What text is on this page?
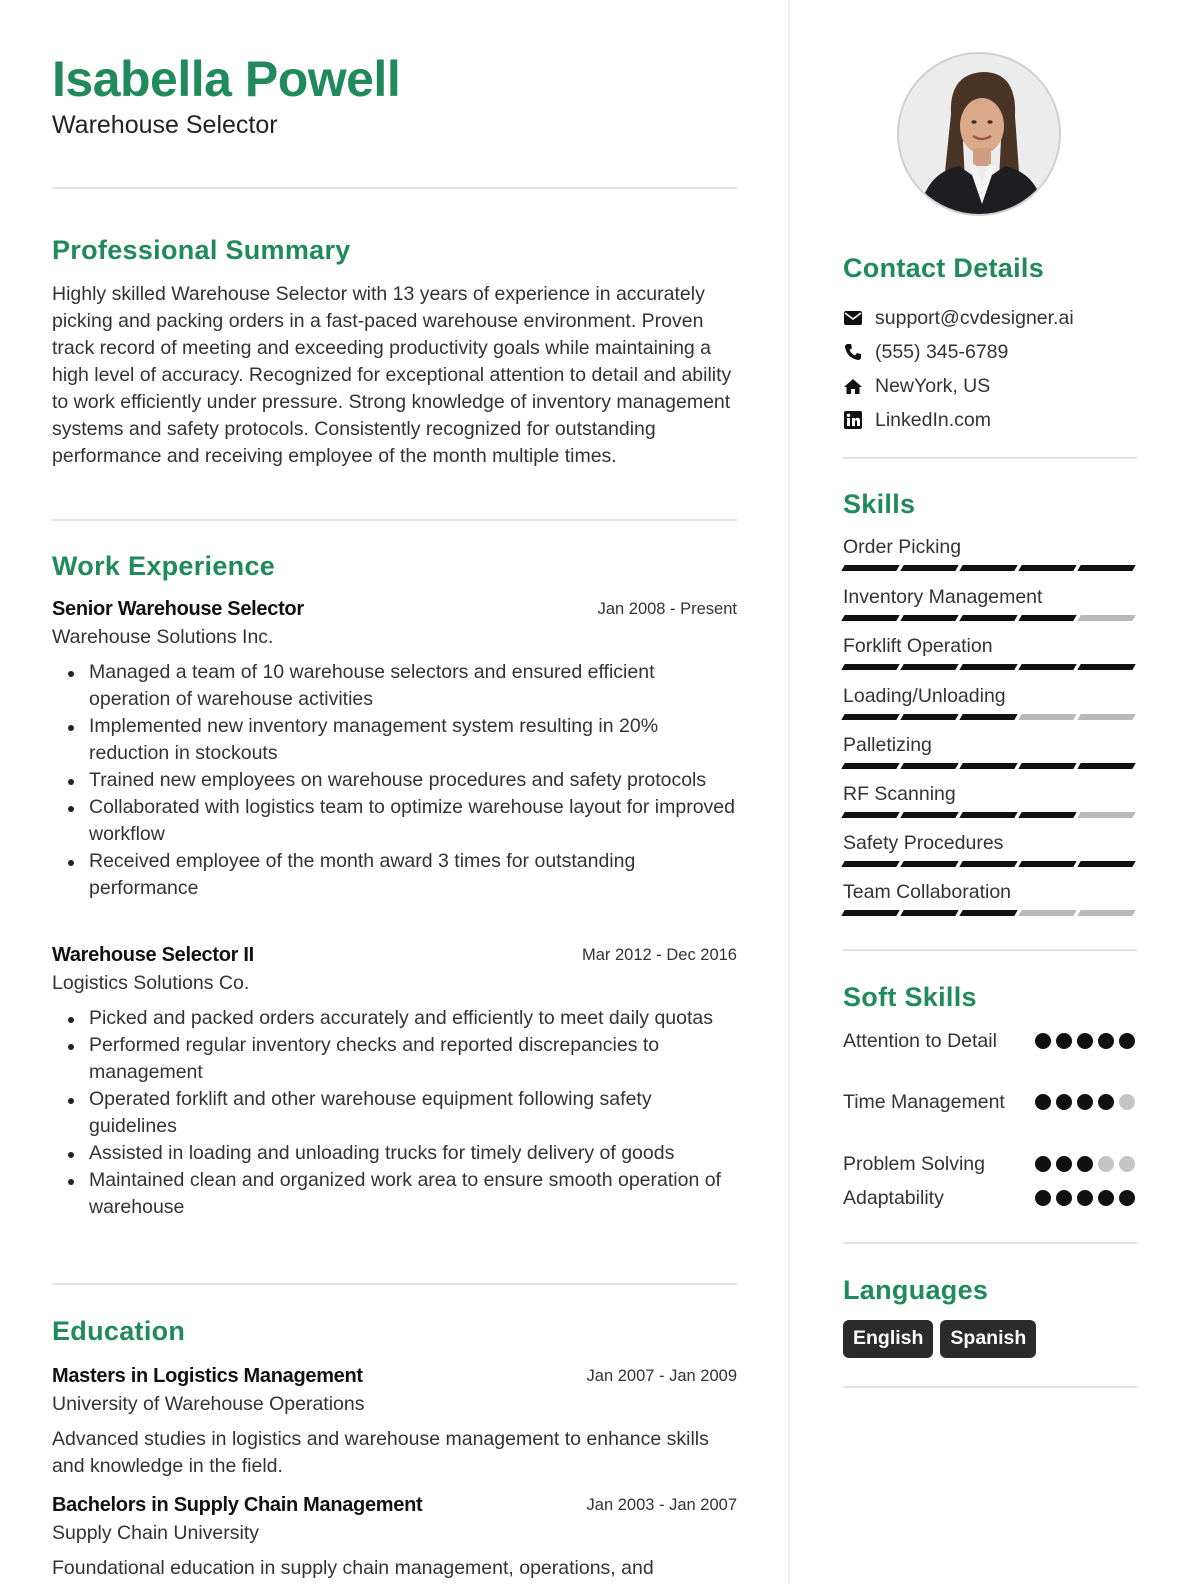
Isabella Powell
Warehouse Selector
Professional Summary
Highly skilled Warehouse Selector with 13 years of experience in accurately picking and packing orders in a fast-paced warehouse environment. Proven track record of meeting and exceeding productivity goals while maintaining a high level of accuracy. Recognized for exceptional attention to detail and ability to work efficiently under pressure. Strong knowledge of inventory management systems and safety protocols. Consistently recognized for outstanding performance and receiving employee of the month multiple times.
Work Experience
Senior Warehouse Selector	Jan 2008 - Present
Warehouse Solutions Inc.
Managed a team of 10 warehouse selectors and ensured efficient operation of warehouse activities
Implemented new inventory management system resulting in 20% reduction in stockouts
Trained new employees on warehouse procedures and safety protocols
Collaborated with logistics team to optimize warehouse layout for improved workflow
Received employee of the month award 3 times for outstanding performance
Warehouse Selector II	Mar 2012 - Dec 2016
Logistics Solutions Co.
Picked and packed orders accurately and efficiently to meet daily quotas
Performed regular inventory checks and reported discrepancies to management
Operated forklift and other warehouse equipment following safety guidelines
Assisted in loading and unloading trucks for timely delivery of goods
Maintained clean and organized work area to ensure smooth operation of warehouse
Education
Masters in Logistics Management	Jan 2007 - Jan 2009
University of Warehouse Operations
Advanced studies in logistics and warehouse management to enhance skills and knowledge in the field.
Bachelors in Supply Chain Management	Jan 2003 - Jan 2007
Supply Chain University
Foundational education in supply chain management, operations, and
Contact Details
support@cvdesigner.ai
(555) 345-6789
NewYork, US
LinkedIn.com
Skills
Order Picking
Inventory Management
Forklift Operation
Loading/Unloading
Palletizing
RF Scanning
Safety Procedures
Team Collaboration
Soft Skills
Attention to Detail
Time Management
Problem Solving
Adaptability
Languages
English	Spanish
